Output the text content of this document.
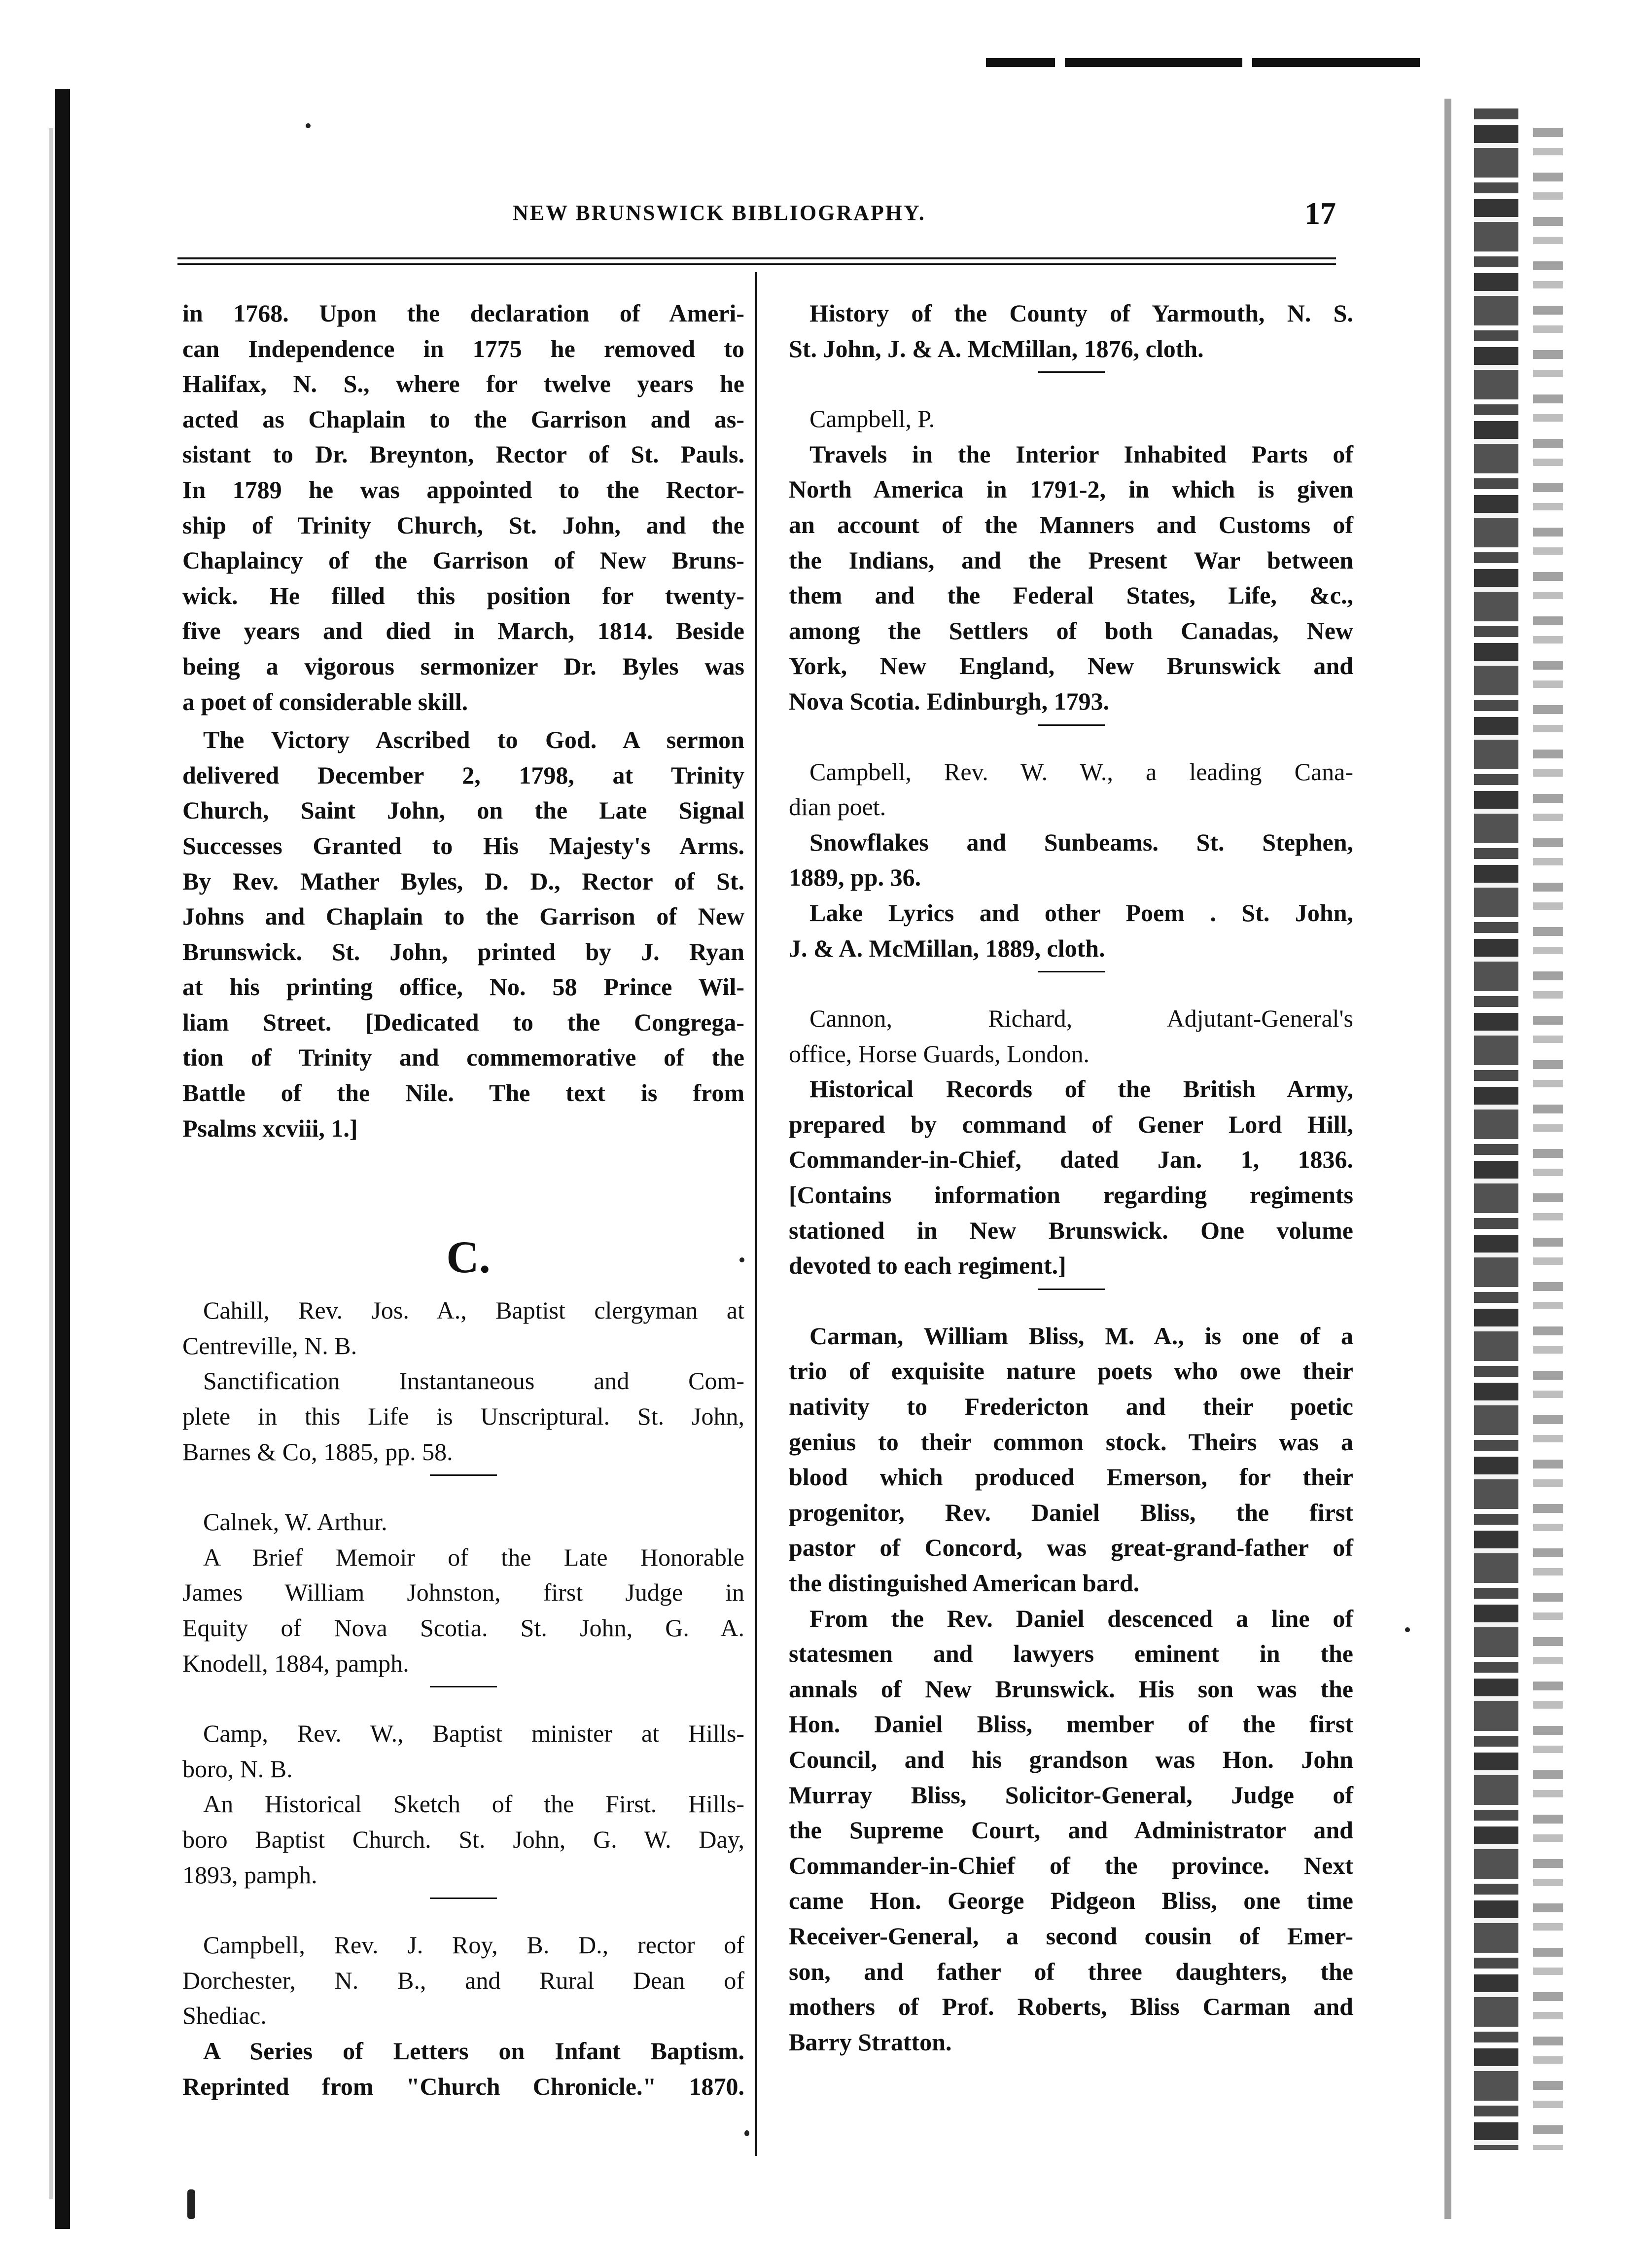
NEW BRUNSWICK BIBLIOGRAPHY.	17
in 1768. Upon the declaration of Ameri-
can Independence in 1775 he removed to
Halifax, N. S., where for twelve years he
acted as Chaplain to the Garrison and as-
sistant to Dr. Breynton, Rector of St. Pauls.
In 1789 he was appointed to the Rector-
ship of Trinity Church, St. John, and the
Chaplaincy of the Garrison of New Bruns-
wick. He filled this position for twenty-
five years and died in March, 1814. Beside
being a vigorous sermonizer Dr. Byles was
a poet of considerable skill.
The Victory Ascribed to God. A sermon
delivered December 2, 1798, at Trinity
Church, Saint John, on the Late Signal
Successes Granted to His Majesty's Arms.
By Rev. Mather Byles, D. D., Rector of St.
Johns and Chaplain to the Garrison of New
Brunswick. St. John, printed by J. Ryan
at his printing office, No. 58 Prince Wil-
liam Street. [Dedicated to the Congrega-
tion of Trinity and commemorative of the
Battle of the Nile. The text is from
Psalms xcviii, 1.]
C.
Cahill, Rev. Jos. A., Baptist clergyman at
Centreville, N. B.
Sanctification Instantaneous and Com-
plete in this Life is Unscriptural. St. John,
Barnes & Co, 1885, pp. 58.
Calnek, W. Arthur.
A Brief Memoir of the Late Honorable
James William Johnston, first Judge in
Equity of Nova Scotia. St. John, G. A.
Knodell, 1884, pamph.
Camp, Rev. W., Baptist minister at Hills-
boro, N. B.
An Historical Sketch of the First. Hills-
boro Baptist Church. St. John, G. W. Day,
1893, pamph.
Campbell, Rev. J. Roy, B. D., rector of
Dorchester, N. B., and Rural Dean of
Shediac.
A Series of Letters on Infant Baptism.
Reprinted from "Church Chronicle." 1870.
History of the County of Yarmouth, N. S.
St. John, J. & A. McMillan, 1876, cloth.
Campbell, P.
Travels in the Interior Inhabited Parts of
North America in 1791-2, in which is given
an account of the Manners and Customs of
the Indians, and the Present War between
them and the Federal States, Life, &c.,
among the Settlers of both Canadas, New
York, New England, New Brunswick and
Nova Scotia. Edinburgh, 1793.
Campbell, Rev. W. W., a leading Cana-
dian poet.
Snowflakes and Sunbeams. St. Stephen,
1889, pp. 36.
Lake Lyrics and other Poem . St. John,
J. & A. McMillan, 1889, cloth.
Cannon, Richard, Adjutant-General's
office, Horse Guards, London.
Historical Records of the British Army,
prepared by command of Gener Lord Hill,
Commander-in-Chief, dated Jan. 1, 1836.
[Contains information regarding regiments
stationed in New Brunswick. One volume
devoted to each regiment.]
Carman, William Bliss, M. A., is one of a
trio of exquisite nature poets who owe their
nativity to Fredericton and their poetic
genius to their common stock. Theirs was a
blood which produced Emerson, for their
progenitor, Rev. Daniel Bliss, the first
pastor of Concord, was great-grand-father of
the distinguished American bard.
From the Rev. Daniel descenced a line of
statesmen and lawyers eminent in the
annals of New Brunswick. His son was the
Hon. Daniel Bliss, member of the first
Council, and his grandson was Hon. John
Murray Bliss, Solicitor-General, Judge of
the Supreme Court, and Administrator and
Commander-in-Chief of the province. Next
came Hon. George Pidgeon Bliss, one time
Receiver-General, a second cousin of Emer-
son, and father of three daughters, the
mothers of Prof. Roberts, Bliss Carman and
Barry Stratton.
